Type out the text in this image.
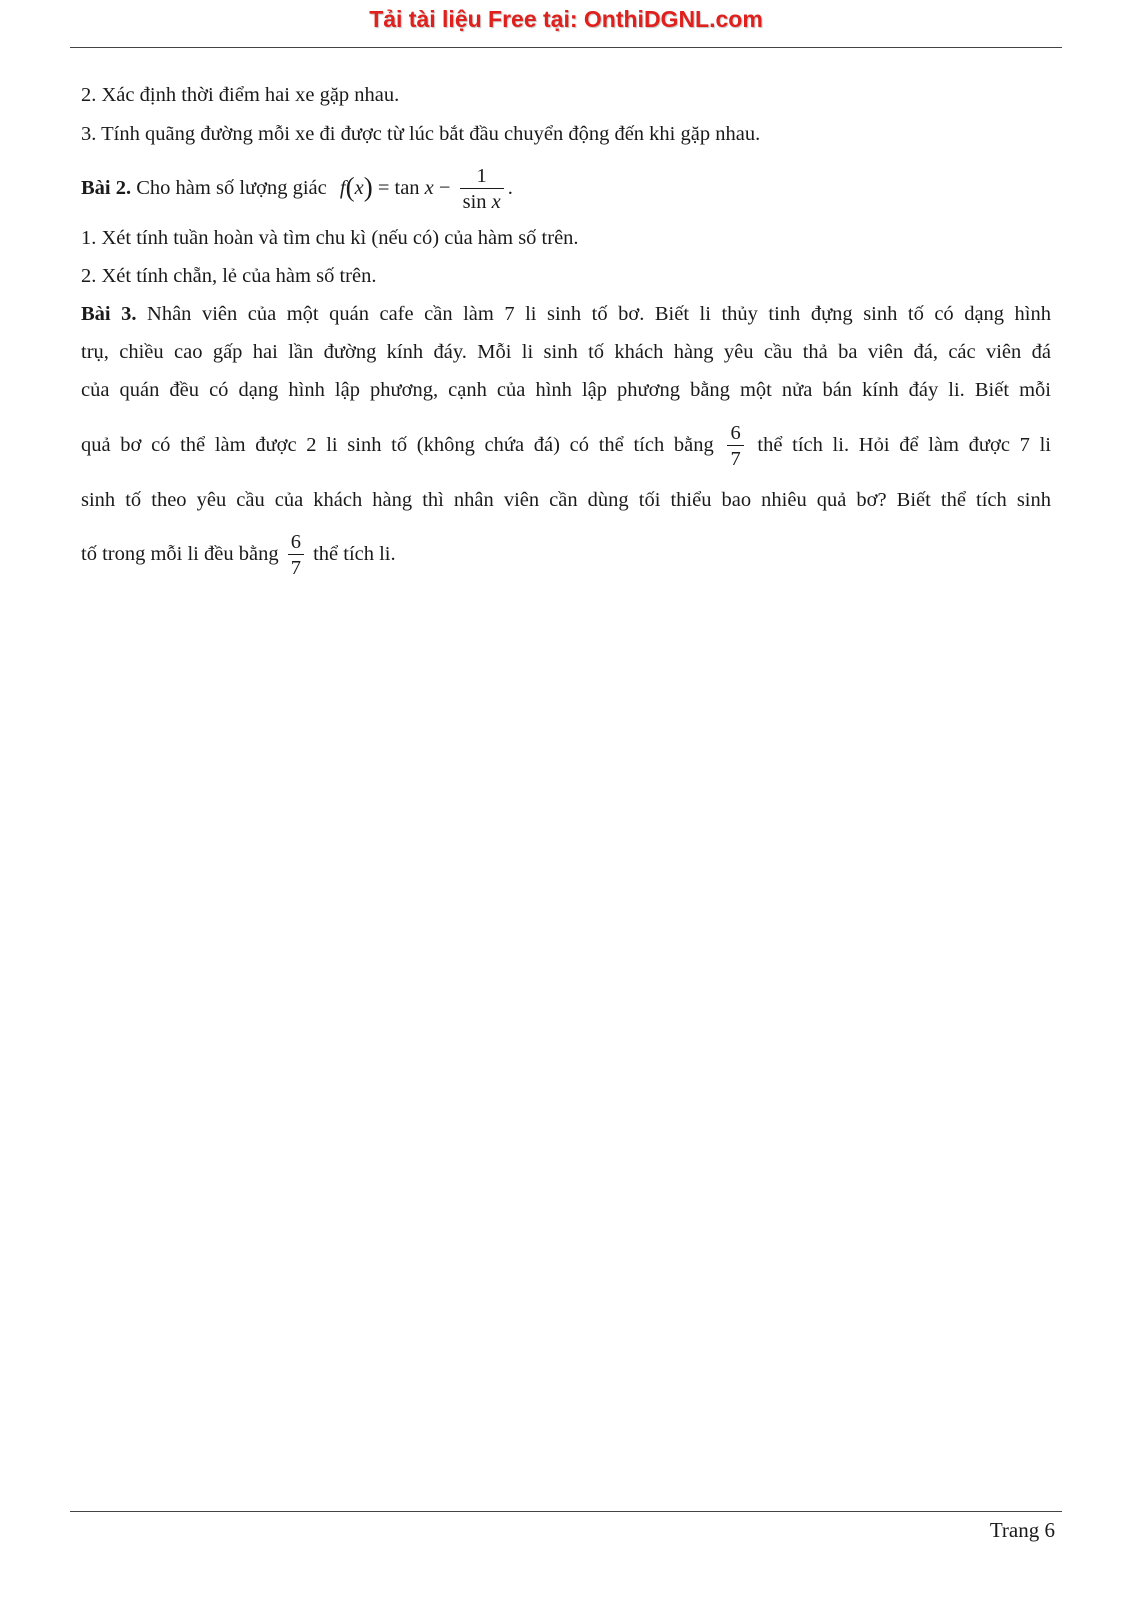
Tải tài liệu Free tại: OnthiDGNL.com
2. Xác định thời điểm hai xe gặp nhau.
3. Tính quãng đường mỗi xe đi được từ lúc bắt đầu chuyển động đến khi gặp nhau.
Bài 2. Cho hàm số lượng giác $f(x) = \tan x - \frac{1}{\text{sin x}}$ .
1. Xét tính tuần hoàn và tìm chu kì (nếu có) của hàm số trên.
2. Xét tính chẵn, lẻ của hàm số trên.
Bài 3. Nhân viên của một quán cafe cần làm 7 li sinh tố bơ. Biết li thủy tinh đựng sinh tố có dạng hình
trụ, chiều cao gấp hai lần đường kính đáy. Mỗi li sinh tố khách hàng yêu cầu thả ba viên đá, các viên đá
của quán đều có dạng hình lập phương, cạnh của hình lập phương bằng một nửa bán kính đáy li. Biết mỗi
quả bơ có thể làm được 2 li sinh tố (không chứa đá) có thể tích bằng $\frac{6}{7}$ thể tích li. Hỏi để làm được 7 li
sinh tố theo yêu cầu của khách hàng thì nhân viên cần dùng tối thiểu bao nhiêu quả bơ? Biết thể tích sinh
tố trong mỗi li đều bằng $\frac{6}{7}$ thể tích li.
Trang 6
